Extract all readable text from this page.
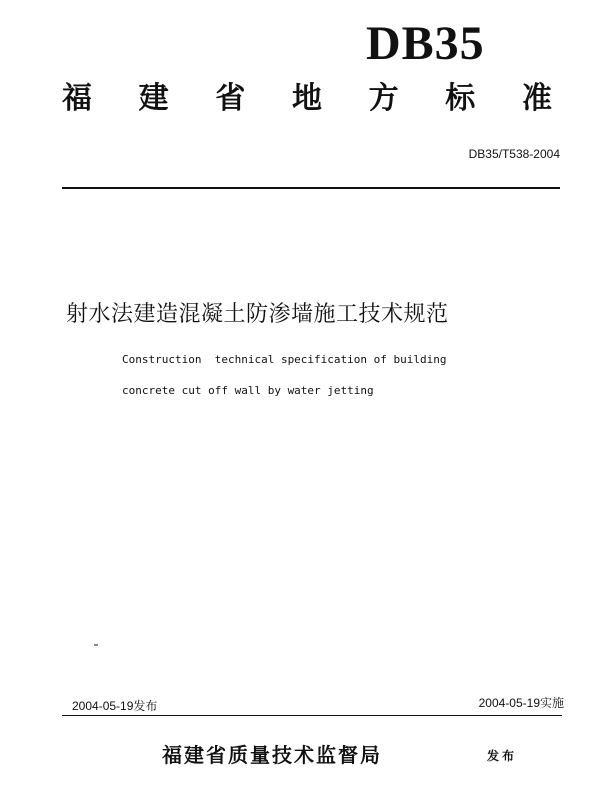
DB35
福 建 省 地 方 标 准
DB35/T538-2004
射水法建造混凝土防渗墙施工技术规范
Construction  technical specification of building
concrete cut off wall by water jetting
2004-05-19发布	2004-05-19实施
福建省质量技术监督局	发布
